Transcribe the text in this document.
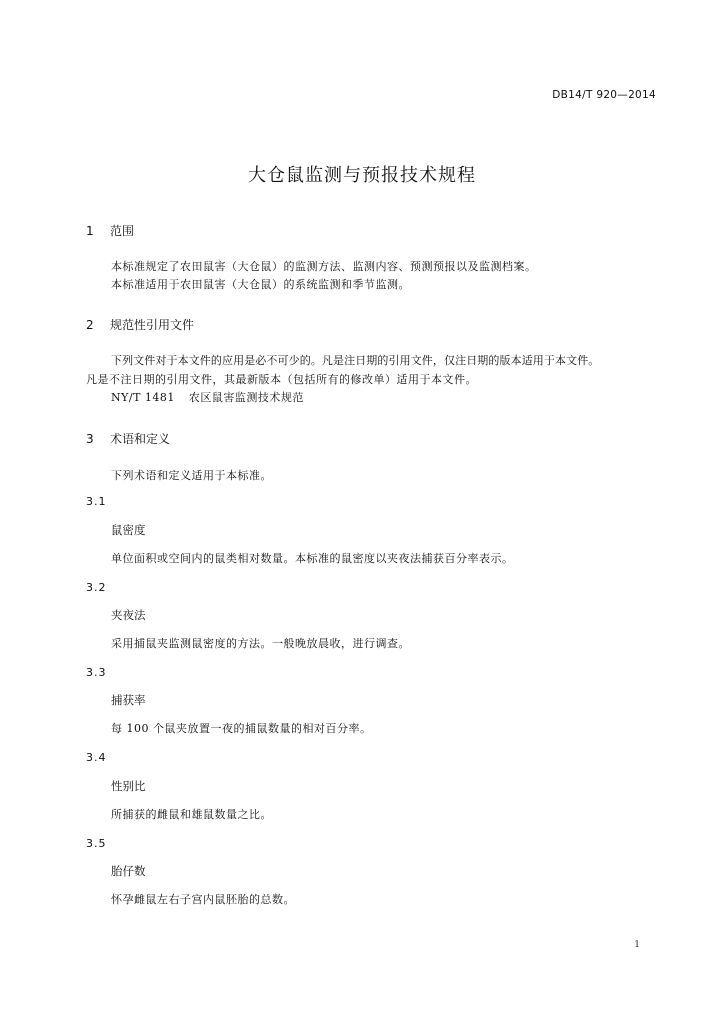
DB14/T 920—2014
大仓鼠监测与预报技术规程
1 范围
本标准规定了农田鼠害（大仓鼠）的监测方法、监测内容、预测预报以及监测档案。
本标准适用于农田鼠害（大仓鼠）的系统监测和季节监测。
2 规范性引用文件
下列文件对于本文件的应用是必不可少的。凡是注日期的引用文件，仅注日期的版本适用于本文件。
凡是不注日期的引用文件，其最新版本（包括所有的修改单）适用于本文件。
NY/T 1481 农区鼠害监测技术规范
3 术语和定义
下列术语和定义适用于本标准。
3.1
鼠密度
单位面积或空间内的鼠类相对数量。本标准的鼠密度以夹夜法捕获百分率表示。
3.2
夹夜法
采用捕鼠夹监测鼠密度的方法。一般晚放晨收，进行调查。
3.3
捕获率
每 100 个鼠夹放置一夜的捕鼠数量的相对百分率。
3.4
性别比
所捕获的雌鼠和雄鼠数量之比。
3.5
胎仔数
怀孕雌鼠左右子宫内鼠胚胎的总数。
1
